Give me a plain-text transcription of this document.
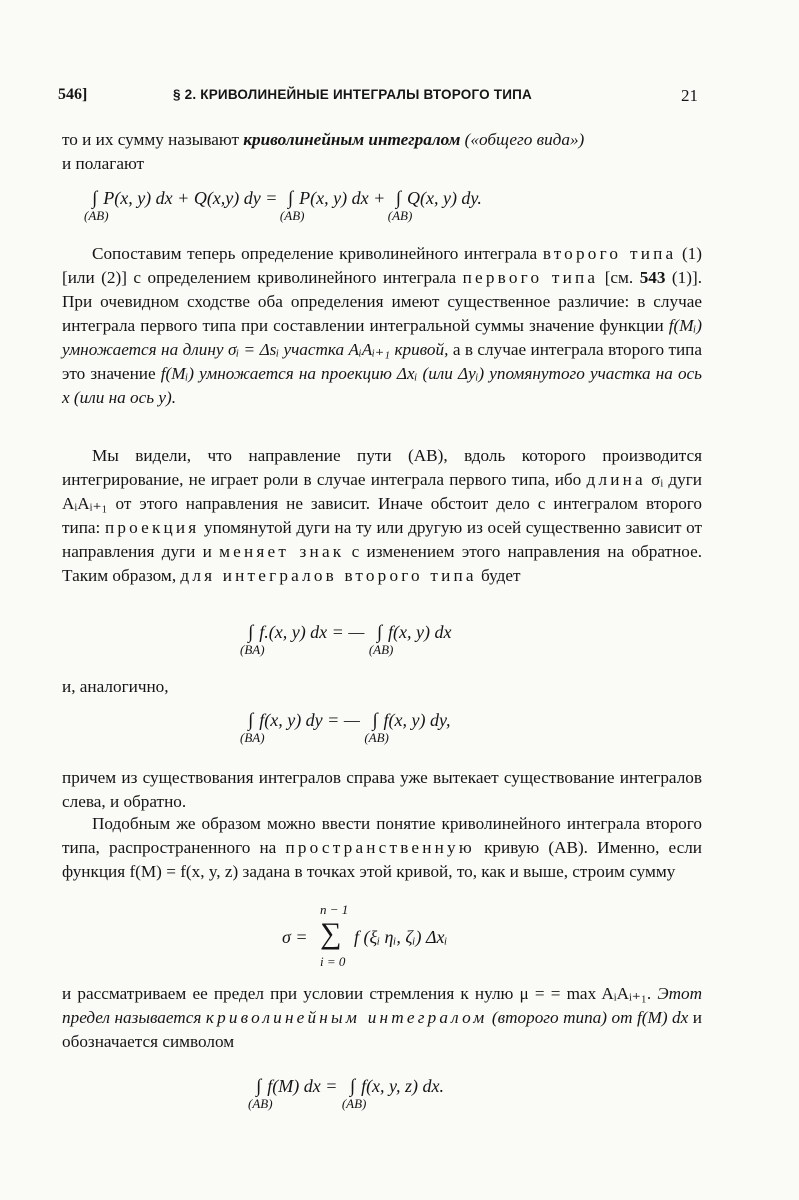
546]	§ 2. КРИВОЛИНЕЙНЫЕ ИНТЕГРАЛЫ ВТОРОГО ТИПА	21

то и их сумму называют криволинейным интегралом («общего вида»)

и полагают

∫
(AB)
P(x, y) dx + Q(x,y) dy = ∫
(AB)
P(x, y) dx + ∫
(AB)
Q(x, y) dy.

Сопоставим теперь определение криволинейного интеграла второго типа (1) [или (2)] с определением криволинейного интеграла первого типа [см. 543 (1)]. При очевидном сходстве оба определения имеют существенное различие: в случае интеграла первого типа при составлении интегральной суммы значение функции f(Mᵢ) умножается на длину σᵢ = Δsᵢ участка AᵢAᵢ₊₁ кривой, а в случае интеграла второго типа это значение f(Mᵢ) умножается на проекцию Δxᵢ (или Δyᵢ) упомянутого участка на ось x (или на ось y).

Мы видели, что направление пути (AB), вдоль которого производится интегрирование, не играет роли в случае интеграла первого типа, ибо длина σᵢ дуги AᵢAᵢ₊₁ от этого направления не зависит. Иначе обстоит дело с интегралом второго типа: проекция упомянутой дуги на ту или другую из осей существенно зависит от направления дуги и меняет знак с изменением этого направления на обратное. Таким образом, для интегралов второго типа будет

∫
(BA)
f.(x, y) dx = — ∫
(AB)
f(x, y) dx

и, аналогично,

∫
(BA)
f(x, y) dy = — ∫
(AB)
f(x, y) dy,

причем из существования интегралов справа уже вытекает существование интегралов слева, и обратно.

Подобным же образом можно ввести понятие криволинейного интеграла второго типа, распространенного на пространственную кривую (AB). Именно, если функция f(M) = f(x, y, z) задана в точках этой кривой, то, как и выше, строим сумму

n − 1
σ = ∑ f (ξᵢ ηᵢ, ζᵢ) Δxᵢ
i = 0

и рассматриваем ее предел при условии стремления к нулю μ = = max AᵢAᵢ₊₁. Этот предел называется криволинейным интегралом (второго типа) от f(M) dx и обозначается символом

∫
(AB)
f(M) dx = ∫
(AB)
f(x, y, z) dx.
